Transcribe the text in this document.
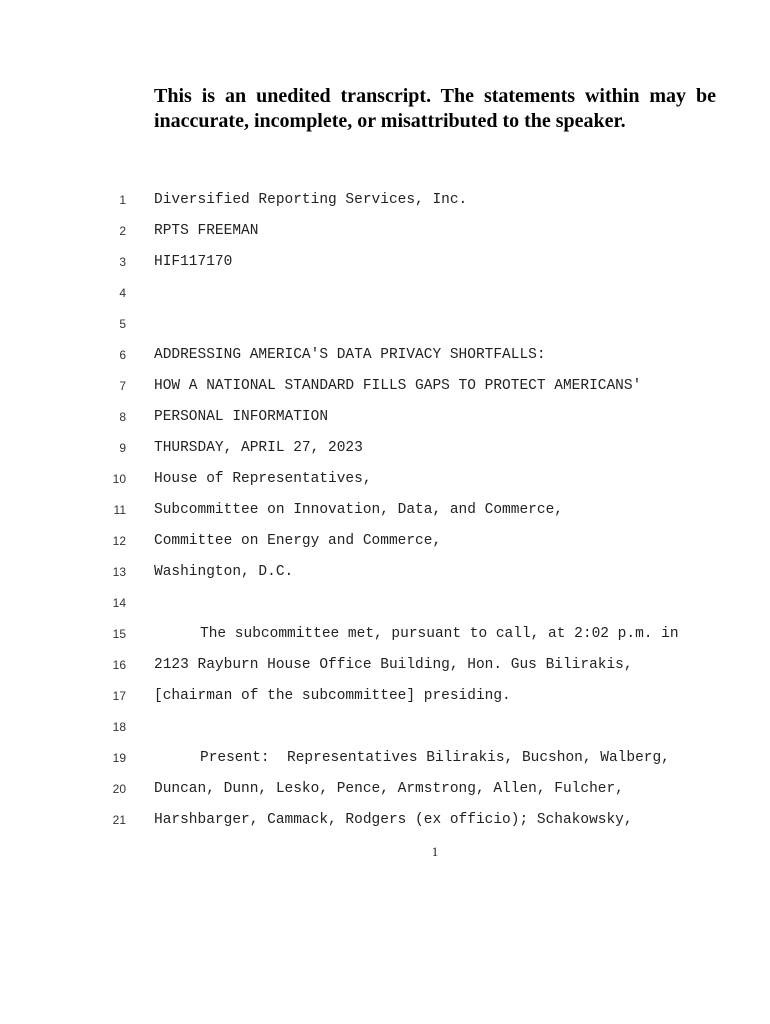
This is an unedited transcript. The statements within may be inaccurate, incomplete, or misattributed to the speaker.
1 Diversified Reporting Services, Inc.
2 RPTS FREEMAN
3 HIF117170
4
5
6 ADDRESSING AMERICA'S DATA PRIVACY SHORTFALLS:
7 HOW A NATIONAL STANDARD FILLS GAPS TO PROTECT AMERICANS'
8 PERSONAL INFORMATION
9 THURSDAY, APRIL 27, 2023
10 House of Representatives,
11 Subcommittee on Innovation, Data, and Commerce,
12 Committee on Energy and Commerce,
13 Washington, D.C.
14
15	The subcommittee met, pursuant to call, at 2:02 p.m. in
16 2123 Rayburn House Office Building, Hon. Gus Bilirakis,
17 [chairman of the subcommittee] presiding.
18
19	Present:  Representatives Bilirakis, Bucshon, Walberg,
20 Duncan, Dunn, Lesko, Pence, Armstrong, Allen, Fulcher,
21 Harshbarger, Cammack, Rodgers (ex officio); Schakowsky,
1
